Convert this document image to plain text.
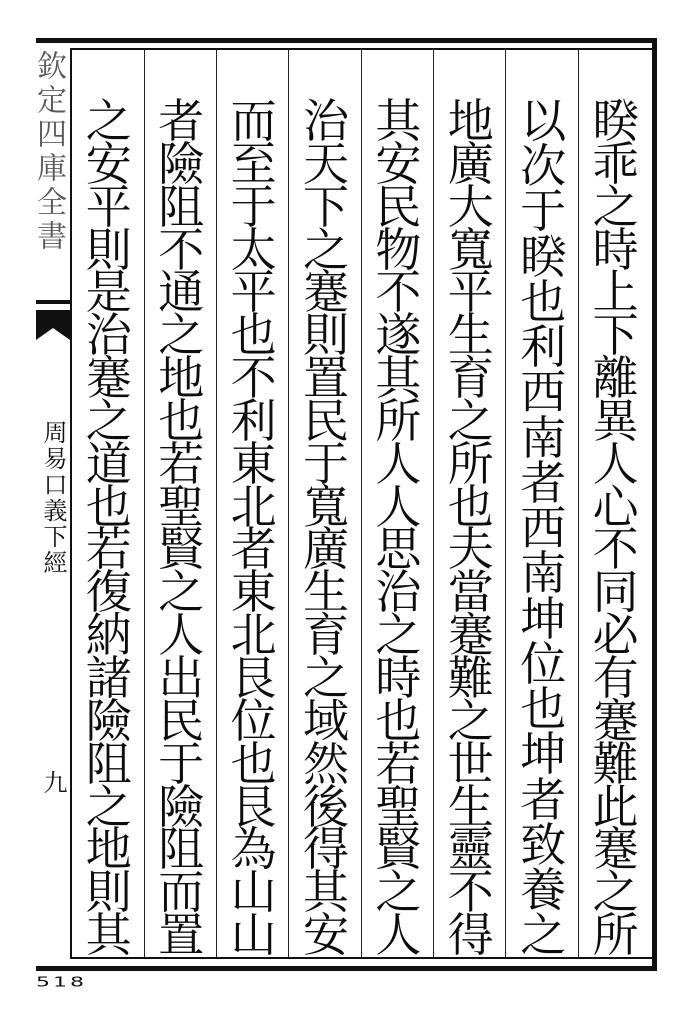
欽定四庫全書
周易口義下經
九
518
睽
乖
之
時
上
下
離
異
人
心
不
同
必
有
蹇
難
此
蹇
之
所
以
次
于
睽
也
利
西
南
者
西
南
坤
位
也
坤
者
致
養
之
地
廣
大
寬
平
生
育
之
所
也
夫
當
蹇
難
之
世
生
靈
不
得
其
安
民
物
不
遂
其
所
人
人
思
治
之
時
也
若
聖
賢
之
人
治
天
下
之
蹇
則
置
民
于
寬
廣
生
育
之
域
然
後
得
其
安
而
至
于
太
平
也
不
利
東
北
者
東
北
艮
位
也
艮
為
山
山
者
險
阻
不
通
之
地
也
若
聖
賢
之
人
出
民
于
險
阻
而
置
之
安
平
則
是
治
蹇
之
道
也
若
復
納
諸
險
阻
之
地
則
其
